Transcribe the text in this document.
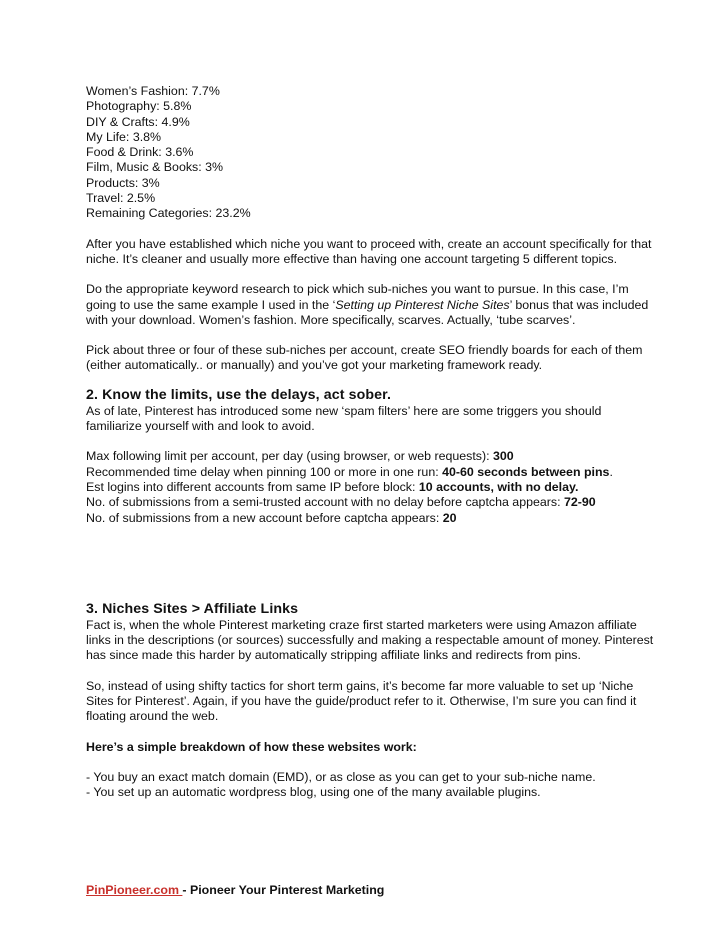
Women’s Fashion: 7.7%
Photography: 5.8%
DIY & Crafts: 4.9%
My Life: 3.8%
Food & Drink: 3.6%
Film, Music & Books: 3%
Products: 3%
Travel: 2.5%
Remaining Categories: 23.2%

After you have established which niche you want to proceed with, create an account specifically for that niche. It’s cleaner and usually more effective than having one account targeting 5 different topics.

Do the appropriate keyword research to pick which sub-niches you want to pursue. In this case, I’m going to use the same example I used in the ‘Setting up Pinterest Niche Sites’ bonus that was included with your download. Women’s fashion. More specifically, scarves. Actually, ‘tube scarves’.

Pick about three or four of these sub-niches per account, create SEO friendly boards for each of them (either automatically.. or manually) and you’ve got your marketing framework ready.

2. Know the limits, use the delays, act sober.

As of late, Pinterest has introduced some new ‘spam filters’ here are some triggers you should familiarize yourself with and look to avoid.

Max following limit per account, per day (using browser, or web requests): 300
Recommended time delay when pinning 100 or more in one run: 40-60 seconds between pins.
Est logins into different accounts from same IP before block: 10 accounts, with no delay.
No. of submissions from a semi-trusted account with no delay before captcha appears: 72-90
No. of submissions from a new account before captcha appears: 20
3. Niches Sites > Affiliate Links

Fact is, when the whole Pinterest marketing craze first started marketers were using Amazon affiliate links in the descriptions (or sources) successfully and making a respectable amount of money. Pinterest has since made this harder by automatically stripping affiliate links and redirects from pins.

So, instead of using shifty tactics for short term gains, it’s become far more valuable to set up ‘Niche Sites for Pinterest’. Again, if you have the guide/product refer to it. Otherwise, I’m sure you can find it floating around the web.

Here’s a simple breakdown of how these websites work:
- You buy an exact match domain (EMD), or as close as you can get to your sub-niche name.
- You set up an automatic wordpress blog, using one of the many available plugins.
PinPioneer.com - Pioneer Your Pinterest Marketing
